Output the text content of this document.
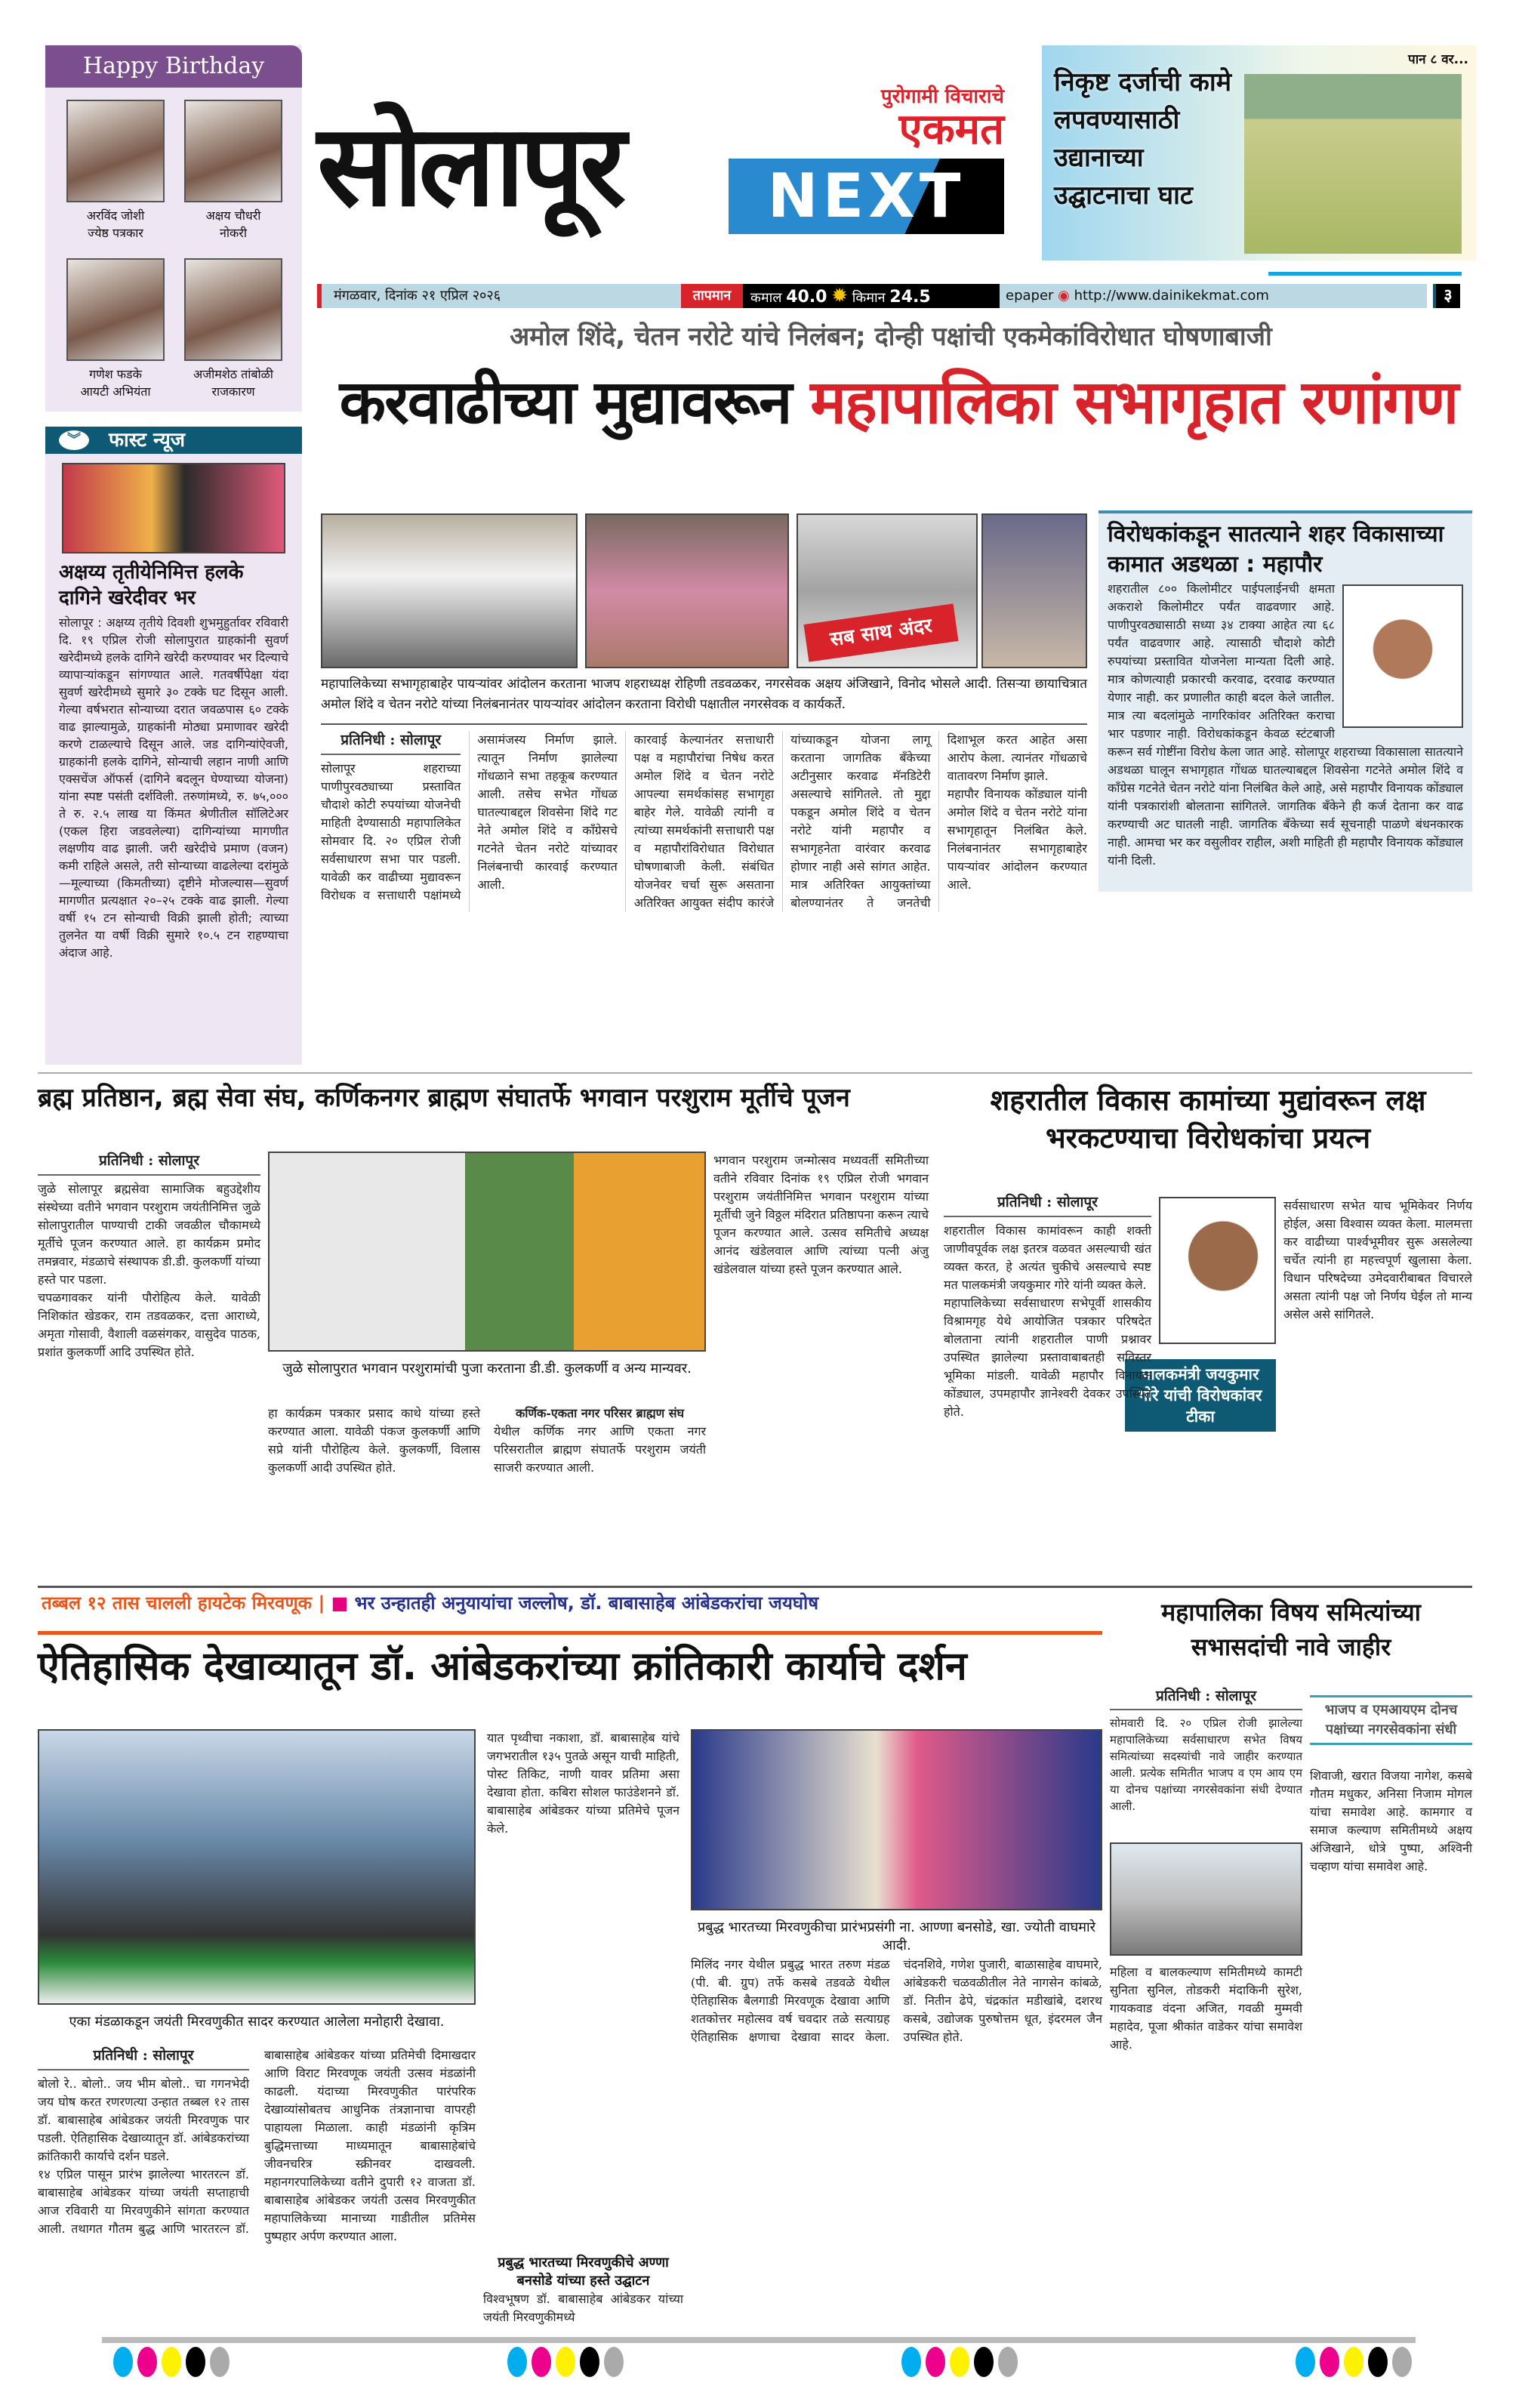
Happy Birthday
अरविंद जोशी
ज्येष्ठ पत्रकार
अक्षय चौधरी
नोकरी
गणेश फडके
आयटी अभियंता
अजीमशेठ तांबोळी
राजकारण
सोलापूर
पुरोगामी विचाराचे
एकमत
NEXT
पान ८ वर...
निकृष्ट दर्जाची कामे लपवण्यासाठी उद्यानाच्या उद्घाटनाचा घाट
मंगळवार, दिनांक २१ एप्रिल २०२६	तापमान	कमाल 40.0 ✹ किमान 24.5	epaper ◉ http://www.dainikekmat.com	३
अमोल शिंदे, चेतन नरोटे यांचे निलंबन; दोन्ही पक्षांची एकमेकांविरोधात घोषणाबाजी
करवाढीच्या मुद्यावरून महापालिका सभागृहात रणांगण
︾	फास्ट न्यूज
अक्षय्य तृतीयेनिमित्त हलके दागिने खरेदीवर भर
सोलापूर : अक्षय्य तृतीये दिवशी शुभमुहुर्तावर रविवारी दि. १९ एप्रिल रोजी सोलापुरात ग्राहकांनी सुवर्ण खरेदीमध्ये हलके दागिने खरेदी करण्यावर भर दिल्याचे व्यापाऱ्यांकडून सांगण्यात आले. गतवर्षीपेक्षा यंदा सुवर्ण खरेदीमध्ये सुमारे ३० टक्के घट दिसून आली. गेल्या वर्षभरात सोन्याच्या दरात जवळपास ६० टक्के वाढ झाल्यामुळे, ग्राहकांनी मोठ्या प्रमाणावर खरेदी करणे टाळल्याचे दिसून आले. जड दागिन्यांऐवजी, ग्राहकांनी हलके दागिने, सोन्याची लहान नाणी आणि एक्सचेंज ऑफर्स (दागिने बदलून घेण्याच्या योजना) यांना स्पष्ट पसंती दर्शविली. तरुणांमध्ये, रु. ७५,००० ते रु. २.५ लाख या किंमत श्रेणीतील सॉलिटेअर (एकल हिरा जडवलेल्या) दागिन्यांच्या मागणीत लक्षणीय वाढ झाली. जरी खरेदीचे प्रमाण (वजन) कमी राहिले असले, तरी सोन्याच्या वाढलेल्या दरांमुळे—मूल्याच्या (किमतीच्या) दृष्टीने मोजल्यास—सुवर्ण मागणीत प्रत्यक्षात २०–२५ टक्के वाढ झाली. गेल्या वर्षी १५ टन सोन्याची विक्री झाली होती; त्याच्या तुलनेत या वर्षी विक्री सुमारे १०.५ टन राहण्याचा अंदाज आहे.
सब साथ अंदर
महापालिकेच्या सभागृहाबाहेर पायऱ्यांवर आंदोलन करताना भाजप शहराध्यक्ष रोहिणी तडवळकर, नगरसेवक अक्षय अंजिखाने, विनोद भोसले आदी. तिसऱ्या छायाचित्रात अमोल शिंदे व चेतन नरोटे यांच्या निलंबनानंतर पायऱ्यांवर आंदोलन करताना विरोधी पक्षातील नगरसेवक व कार्यकर्ते.
प्रतिनिधी : सोलापूर

सोलापूर शहराच्या पाणीपुरवठ्याच्या प्रस्तावित चौदाशे कोटी रुपयांच्या योजनेची माहिती देण्यासाठी महापालिकेत सोमवार दि. २० एप्रिल रोजी सर्वसाधारण सभा पार पडली. यावेळी कर वाढीच्या मुद्यावरून विरोधक व सत्ताधारी पक्षांमध्ये असामंजस्य निर्माण झाले. त्यातून निर्माण झालेल्या गोंधळाने सभा तहकूब करण्यात आली. तसेच सभेत गोंधळ घातल्याबद्दल शिवसेना शिंदे गट नेते अमोल शिंदे व काँग्रेसचे गटनेते चेतन नरोटे यांच्यावर निलंबनाची कारवाई करण्यात आली.

कारवाई केल्यानंतर सत्ताधारी पक्ष व महापौरांचा निषेध करत अमोल शिंदे व चेतन नरोटे आपल्या समर्थकांसह सभागृहा बाहेर गेले. यावेळी त्यांनी व त्यांच्या समर्थकांनी सत्ताधारी पक्ष व महापौरांविरोधात विरोधात घोषणाबाजी केली. संबंधित योजनेवर चर्चा सुरू असताना अतिरिक्त आयुक्त संदीप कारंजे यांच्याकडून योजना लागू करताना जागतिक बँकेच्या अटीनुसार करवाढ मॅनडिटेरी असल्याचे सांगितले. तो मुद्दा पकडून अमोल शिंदे व चेतन नरोटे यांनी महापौर व सभागृहनेता वारंवार करवाढ होणार नाही असे सांगत आहेत. मात्र अतिरिक्त आयुक्तांच्या बोलण्यानंतर ते जनतेची दिशाभूल करत आहेत असा आरोप केला. त्यानंतर गोंधळाचे वातावरण निर्माण झाले.

महापौर विनायक कोंड्याल यांनी अमोल शिंदे व चेतन नरोटे यांना सभागृहातून निलंबित केले. निलंबनानंतर सभागृहाबाहेर पायऱ्यांवर आंदोलन करण्यात आले.

विरोधकांकडून सातत्याने शहर विकासाच्या कामात अडथळा : महापौर
शहरातील ८०० किलोमीटर पाईपलाईनची क्षमता अकराशे किलोमीटर पर्यंत वाढवणार आहे. पाणीपुरवठ्यासाठी सध्या ३४ टाक्या आहेत त्या ६८ पर्यंत वाढवणार आहे. त्यासाठी चौदाशे कोटी रुपयांच्या प्रस्तावित योजनेला मान्यता दिली आहे. मात्र कोणत्याही प्रकारची करवाढ, दरवाढ करण्यात येणार नाही. कर प्रणालीत काही बदल केले जातील. मात्र त्या बदलांमुळे नागरिकांवर अतिरिक्त कराचा भार पडणार नाही. विरोधकांकडून केवळ स्टंटबाजी करून सर्व गोष्टींना विरोध केला जात आहे. सोलापूर शहराच्या विकासाला सातत्याने अडथळा घालून सभागृहात गोंधळ घातल्याबद्दल शिवसेना गटनेते अमोल शिंदे व काँग्रेस गटनेते चेतन नरोटे यांना निलंबित केले आहे, असे महापौर विनायक कोंड्याल यांनी पत्रकारांशी बोलताना सांगितले. जागतिक बँकेने ही कर्ज देताना कर वाढ करण्याची अट घातली नाही. जागतिक बँकेच्या सर्व सूचनाही पाळणे बंधनकारक नाही. आमचा भर कर वसुलीवर राहील, अशी माहिती ही महापौर विनायक कोंड्याल यांनी दिली.
ब्रह्म प्रतिष्ठान, ब्रह्म सेवा संघ, कर्णिकनगर ब्राह्मण संघातर्फे भगवान परशुराम मूर्तीचे पूजन
जुळे सोलापुरात भगवान परशुरामांची पुजा करताना डी.डी. कुलकर्णी व अन्य मान्यवर.
प्रतिनिधी : सोलापूर

जुळे सोलापूर ब्रह्मसेवा सामाजिक बहुउद्देशीय संस्थेच्या वतीने भगवान परशुराम जयंतीनिमित्त जुळे सोलापुरातील पाण्याची टाकी जवळील चौकामध्ये मूर्तीचे पूजन करण्यात आले. हा कार्यक्रम प्रमोद तमन्नवार, मंडळाचे संस्थापक डी.डी. कुलकर्णी यांच्या हस्ते पार पडला.

चपळगावकर यांनी पौरोहित्य केले. यावेळी निशिकांत खेडकर, राम तडवळकर, दत्ता आराध्ये, अमृता गोसावी, वैशाली वळसंगकर, वासुदेव पाठक, प्रशांत कुलकर्णी आदि उपस्थित होते.

हा कार्यक्रम पत्रकार प्रसाद काथे यांच्या हस्ते करण्यात आला. यावेळी पंकज कुलकर्णी आणि सप्रे यांनी पौरोहित्य केले. कुलकर्णी, विलास कुलकर्णी आदी उपस्थित होते.

कर्णिक-एकता नगर परिसर ब्राह्मण संघ

येथील कर्णिक नगर आणि एकता नगर परिसरातील ब्राह्मण संघातर्फे परशुराम जयंती साजरी करण्यात आली.

भगवान परशुराम जन्मोत्सव मध्यवर्ती समितीच्या वतीने रविवार दिनांक १९ एप्रिल रोजी भगवान परशुराम जयंतीनिमित्त भगवान परशुराम यांच्या मूर्तीची जुने विठ्ठल मंदिरात प्रतिष्ठापना करून त्याचे पूजन करण्यात आले. उत्सव समितीचे अध्यक्ष आनंद खंडेलवाल आणि त्यांच्या पत्नी अंजु खंडेलवाल यांच्या हस्ते पूजन करण्यात आले.
शहरातील विकास कामांच्या मुद्यांवरून लक्ष भरकटण्याचा विरोधकांचा प्रयत्न
पालकमंत्री जयकुमार गोरे यांची विरोधकांवर टीका
प्रतिनिधी : सोलापूर

शहरातील विकास कामांवरून काही शक्ती जाणीवपूर्वक लक्ष इतरत्र वळवत असल्याची खंत व्यक्त करत, हे अत्यंत चुकीचे असल्याचे स्पष्ट मत पालकमंत्री जयकुमार गोरे यांनी व्यक्त केले.

महापालिकेच्या सर्वसाधारण सभेपूर्वी शासकीय विश्रामगृह येथे आयोजित पत्रकार परिषदेत बोलताना त्यांनी शहरातील पाणी प्रश्नावर उपस्थित झालेल्या प्रस्तावाबाबतही सविस्तर भूमिका मांडली. यावेळी महापौर विनायक कोंड्याल, उपमहापौर ज्ञानेश्वरी देवकर उपस्थित होते.

सर्वसाधारण सभेत याच भूमिकेवर निर्णय होईल, असा विश्वास व्यक्त केला. मालमत्ता कर वाढीच्या पार्श्वभूमीवर सुरू असलेल्या चर्चेत त्यांनी हा महत्त्वपूर्ण खुलासा केला. विधान परिषदेच्या उमेदवारीबाबत विचारले असता त्यांनी पक्ष जो निर्णय घेईल तो मान्य असेल असे सांगितले.
तब्बल १२ तास चालली हायटेक मिरवणूक | ■ भर उन्हातही अनुयायांचा जल्लोष, डॉ. बाबासाहेब आंबेडकरांचा जयघोष
ऐतिहासिक देखाव्यातून डॉ. आंबेडकरांच्या क्रांतिकारी कार्याचे दर्शन
एका मंडळाकडून जयंती मिरवणुकीत सादर करण्यात आलेला मनोहारी देखावा.
प्रबुद्ध भारतच्या मिरवणुकीचा प्रारंभप्रसंगी ना. आण्णा बनसोडे, खा. ज्योती वाघमारे आदी.
प्रतिनिधी : सोलापूर

बोलो रे.. बोलो.. जय भीम बोलो.. चा गगनभेदी जय घोष करत रणरणत्या उन्हात तब्बल १२ तास डॉ. बाबासाहेब आंबेडकर जयंती मिरवणुक पार पडली. ऐतिहासिक देखाव्यातून डॉ. आंबेडकरांच्या क्रांतिकारी कार्याचे दर्शन घडले.

१४ एप्रिल पासून प्रारंभ झालेल्या भारतरत्न डॉ. बाबासाहेब आंबेडकर यांच्या जयंती सप्ताहाची आज रविवारी या मिरवणुकीने सांगता करण्यात आली. तथागत गौतम बुद्ध आणि भारतरत्न डॉ. बाबासाहेब आंबेडकर यांच्या प्रतिमेची दिमाखदार आणि विराट मिरवणूक जयंती उत्सव मंडळांनी काढली. यंदाच्या मिरवणुकीत पारंपरिक देखाव्यांसोबतच आधुनिक तंत्रज्ञानाचा वापरही पाहायला मिळाला. काही मंडळांनी कृत्रिम बुद्धिमत्ताच्या माध्यमातून बाबासाहेबांचे जीवनचरित्र स्क्रीनवर दाखवली. महानगरपालिकेच्या वतीने दुपारी १२ वाजता डॉ. बाबासाहेब आंबेडकर जयंती उत्सव मिरवणुकीत महापालिकेच्या मानाच्या गाडीतील प्रतिमेस पुष्पहार अर्पण करण्यात आला.

यात पृथ्वीचा नकाशा, डॉ. बाबासाहेब यांचे जगभरातील १३५ पुतळे असून याची माहिती, पोस्ट तिकिट, नाणी यावर प्रतिमा असा देखावा होता. कबिरा सोशल फाउंडेशनने डॉ. बाबासाहेब आंबेडकर यांच्या प्रतिमेचे पूजन केले.
प्रबुद्ध भारतच्या मिरवणुकीचे अण्णा बनसोडे यांच्या हस्ते उद्घाटन
विश्वभूषण डॉ. बाबासाहेब आंबेडकर यांच्या जयंती मिरवणुकीमध्ये
मिलिंद नगर येथील प्रबुद्ध भारत तरुण मंडळ (पी. बी. ग्रुप) तर्फे कसबे तडवळे येथील ऐतिहासिक बैलगाडी मिरवणूक देखावा आणि शतकोत्तर महोत्सव वर्ष चवदार तळे सत्याग्रह ऐतिहासिक क्षणाचा देखावा सादर केला. चंदनशिवे, गणेश पुजारी, बाळासाहेब वाघमारे, आंबेडकरी चळवळीतील नेते नागसेन कांबळे, डॉ. नितीन ढेपे, चंद्रकांत मडीखांबे, दशरथ कसबे, उद्योजक पुरुषोत्तम धूत, इंदरमल जैन उपस्थित होते.
महापालिका विषय समित्यांच्या सभासदांची नावे जाहीर
भाजप व एमआयएम दोनच पक्षांच्या नगरसेवकांना संधी
प्रतिनिधी : सोलापूर

सोमवारी दि. २० एप्रिल रोजी झालेल्या महापालिकेच्या सर्वसाधारण सभेत विषय समित्यांच्या सदस्यांची नावे जाहीर करण्यात आली. प्रत्येक समितीत भाजप व एम आय एम या दोनच पक्षांच्या नगरसेवकांना संधी देण्यात आली.

महिला व बालकल्याण समितीमध्ये कामटी सुनिता सुनिल, तोडकरी मंदाकिनी सुरेश, गायकवाड वंदना अजित, गवळी मुम्मवी महादेव, पूजा श्रीकांत वाडेकर यांचा समावेश आहे.
शिवाजी, खरात विजया नागेश, कसबे गौतम मधुकर, अनिसा निजाम मोगल यांचा समावेश आहे. कामगार व समाज कल्याण समितीमध्ये अक्षय अंजिखाने, धोत्रे पुष्पा, अश्विनी चव्हाण यांचा समावेश आहे.
